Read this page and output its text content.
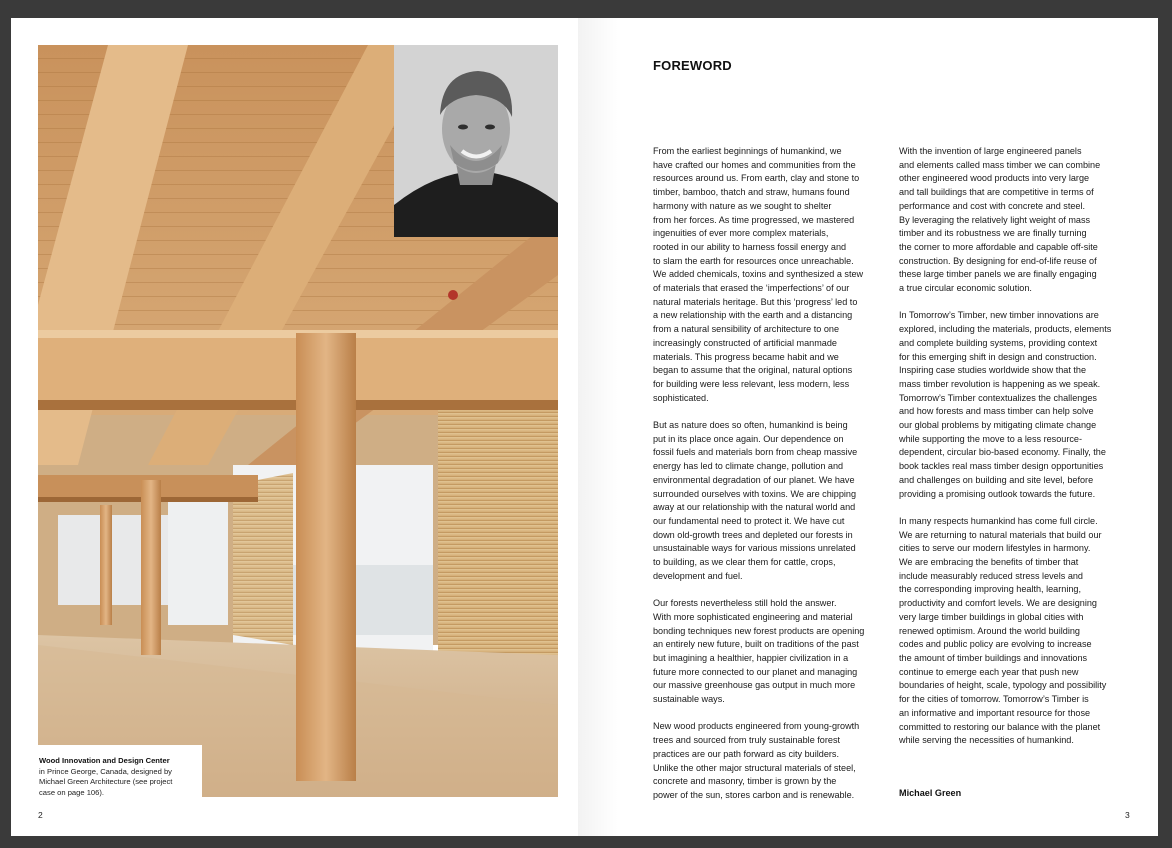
Wood Innovation and Design Center
in Prince George, Canada, designed by
Michael Green Architecture (see project
case on page 106).
2
FOREWORD
From the earliest beginnings of humankind, we
have crafted our homes and communities from the
resources around us. From earth, clay and stone to
timber, bamboo, thatch and straw, humans found
harmony with nature as we sought to shelter
from her forces. As time progressed, we mastered
ingenuities of ever more complex materials,
rooted in our ability to harness fossil energy and
to slam the earth for resources once unreachable.
We added chemicals, toxins and synthesized a stew
of materials that erased the ‘imperfections’ of our
natural materials heritage. But this ‘progress’ led to
a new relationship with the earth and a distancing
from a natural sensibility of architecture to one
increasingly constructed of artificial manmade
materials. This progress became habit and we
began to assume that the original, natural options
for building were less relevant, less modern, less
sophisticated.
But as nature does so often, humankind is being
put in its place once again. Our dependence on
fossil fuels and materials born from cheap massive
energy has led to climate change, pollution and
environmental degradation of our planet. We have
surrounded ourselves with toxins. We are chipping
away at our relationship with the natural world and
our fundamental need to protect it. We have cut
down old-growth trees and depleted our forests in
unsustainable ways for various missions unrelated
to building, as we clear them for cattle, crops,
development and fuel.
Our forests nevertheless still hold the answer.
With more sophisticated engineering and material
bonding techniques new forest products are opening
an entirely new future, built on traditions of the past
but imagining a healthier, happier civilization in a
future more connected to our planet and managing
our massive greenhouse gas output in much more
sustainable ways.
New wood products engineered from young-growth
trees and sourced from truly sustainable forest
practices are our path forward as city builders.
Unlike the other major structural materials of steel,
concrete and masonry, timber is grown by the
power of the sun, stores carbon and is renewable.
With the invention of large engineered panels
and elements called mass timber we can combine
other engineered wood products into very large
and tall buildings that are competitive in terms of
performance and cost with concrete and steel.
By leveraging the relatively light weight of mass
timber and its robustness we are finally turning
the corner to more affordable and capable off-site
construction. By designing for end-of-life reuse of
these large timber panels we are finally engaging
a true circular economic solution.
In Tomorrow’s Timber, new timber innovations are
explored, including the materials, products, elements
and complete building systems, providing context
for this emerging shift in design and construction.
Inspiring case studies worldwide show that the
mass timber revolution is happening as we speak.
Tomorrow’s Timber contextualizes the challenges
and how forests and mass timber can help solve
our global problems by mitigating climate change
while supporting the move to a less resource-
dependent, circular bio-based economy. Finally, the
book tackles real mass timber design opportunities
and challenges on building and site level, before
providing a promising outlook towards the future.
In many respects humankind has come full circle.
We are returning to natural materials that build our
cities to serve our modern lifestyles in harmony.
We are embracing the benefits of timber that
include measurably reduced stress levels and
the corresponding improving health, learning,
productivity and comfort levels. We are designing
very large timber buildings in global cities with
renewed optimism. Around the world building
codes and public policy are evolving to increase
the amount of timber buildings and innovations
continue to emerge each year that push new
boundaries of height, scale, typology and possibility
for the cities of tomorrow. Tomorrow’s Timber is
an informative and important resource for those
committed to restoring our balance with the planet
while serving the necessities of humankind.
Michael Green
3
